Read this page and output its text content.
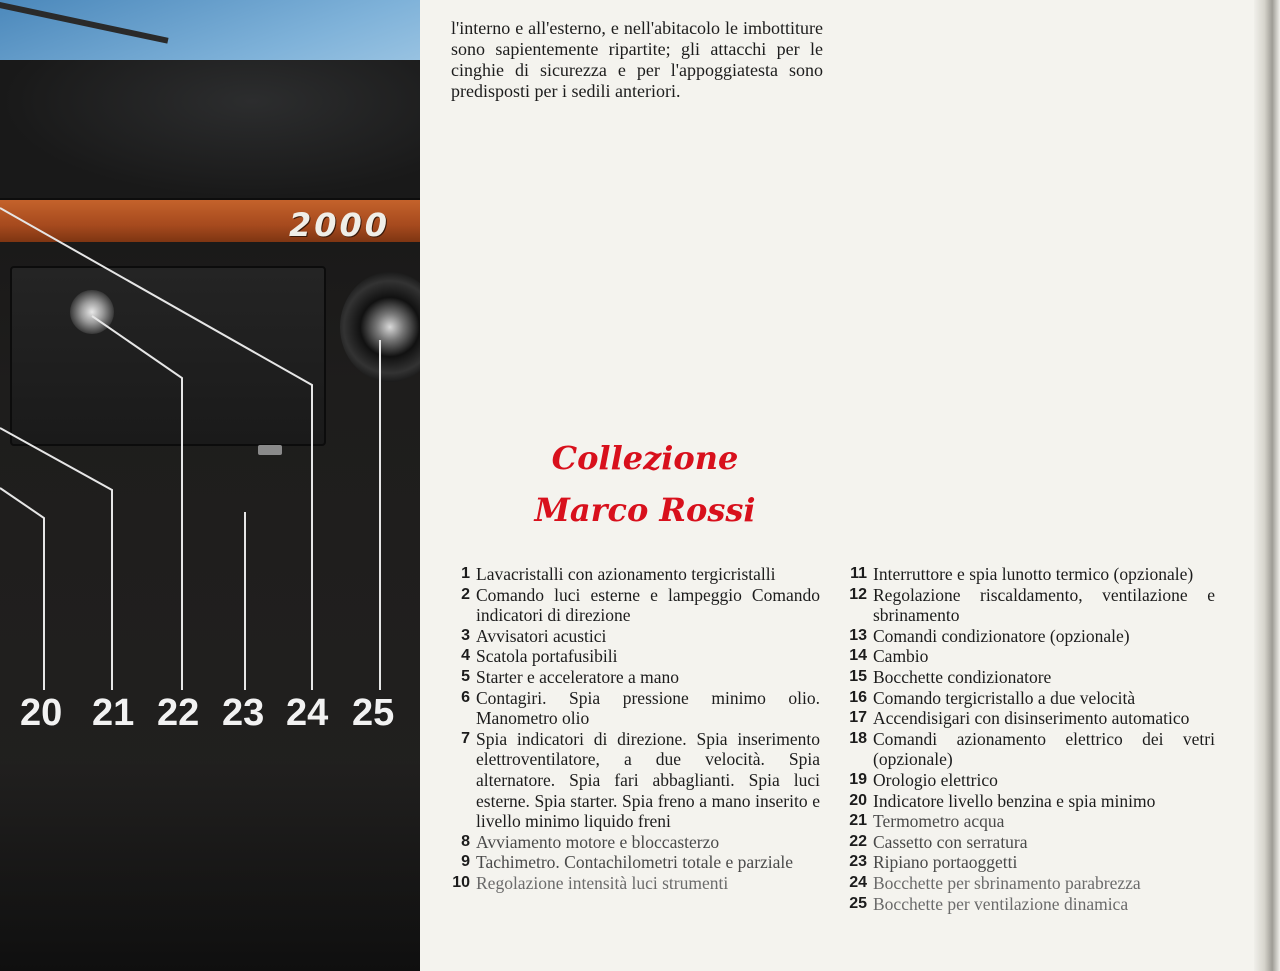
2000
20 21 22 23 24 25

l'interno e all'esterno, e nell'abitacolo le imbottiture sono sapientemente ripartite; gli attacchi per le cinghie di sicurezza e per l'appoggiatesta sono predisposti per i sedili anteriori.

Collezione
Marco Rossi
1 Lavacristalli con azionamento tergicristalli
2 Comando luci esterne e lampeggio Comando indicatori di direzione
3 Avvisatori acustici
4 Scatola portafusibili
5 Starter e acceleratore a mano
6 Contagiri. Spia pressione minimo olio. Manometro olio
7 Spia indicatori di direzione. Spia inserimento elettroventilatore, a due velocità. Spia alternatore. Spia fari abbaglianti. Spia luci esterne. Spia starter. Spia freno a mano inserito e livello minimo liquido freni
8 Avviamento motore e bloccasterzo
9 Tachimetro. Contachilometri totale e parziale
10 Regolazione intensità luci strumenti
11 Interruttore e spia lunotto termico (opzionale)
12 Regolazione riscaldamento, ventilazione e sbrinamento
13 Comandi condizionatore (opzionale)
14 Cambio
15 Bocchette condizionatore
16 Comando tergicristallo a due velocità
17 Accendisigari con disinserimento automatico
18 Comandi azionamento elettrico dei vetri (opzionale)
19 Orologio elettrico
20 Indicatore livello benzina e spia minimo
21 Termometro acqua
22 Cassetto con serratura
23 Ripiano portaoggetti
24 Bocchette per sbrinamento parabrezza
25 Bocchette per ventilazione dinamica
